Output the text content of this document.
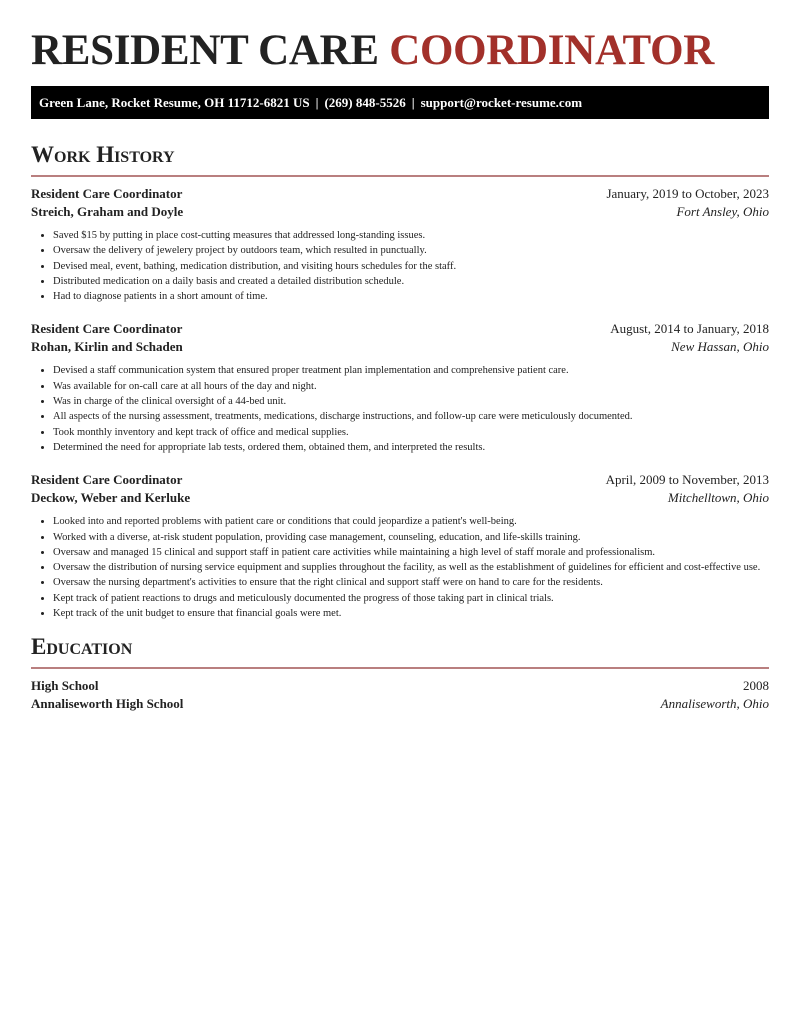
RESIDENT CARE COORDINATOR
Green Lane, Rocket Resume, OH 11712-6821 US | (269) 848-5526 | support@rocket-resume.com
Work History
Resident Care Coordinator	January, 2019 to October, 2023
Streich, Graham and Doyle	Fort Ansley, Ohio
• Saved $15 by putting in place cost-cutting measures that addressed long-standing issues.
• Oversaw the delivery of jewelery project by outdoors team, which resulted in punctually.
• Devised meal, event, bathing, medication distribution, and visiting hours schedules for the staff.
• Distributed medication on a daily basis and created a detailed distribution schedule.
• Had to diagnose patients in a short amount of time.
Resident Care Coordinator	August, 2014 to January, 2018
Rohan, Kirlin and Schaden	New Hassan, Ohio
• Devised a staff communication system that ensured proper treatment plan implementation and comprehensive patient care.
• Was available for on-call care at all hours of the day and night.
• Was in charge of the clinical oversight of a 44-bed unit.
• All aspects of the nursing assessment, treatments, medications, discharge instructions, and follow-up care were meticulously documented.
• Took monthly inventory and kept track of office and medical supplies.
• Determined the need for appropriate lab tests, ordered them, obtained them, and interpreted the results.
Resident Care Coordinator	April, 2009 to November, 2013
Deckow, Weber and Kerluke	Mitchelltown, Ohio
• Looked into and reported problems with patient care or conditions that could jeopardize a patient's well-being.
• Worked with a diverse, at-risk student population, providing case management, counseling, education, and life-skills training.
• Oversaw and managed 15 clinical and support staff in patient care activities while maintaining a high level of staff morale and professionalism.
• Oversaw the distribution of nursing service equipment and supplies throughout the facility, as well as the establishment of guidelines for efficient and cost-effective use.
• Oversaw the nursing department's activities to ensure that the right clinical and support staff were on hand to care for the residents.
• Kept track of patient reactions to drugs and meticulously documented the progress of those taking part in clinical trials.
• Kept track of the unit budget to ensure that financial goals were met.
Education
High School	2008
Annaliseworth High School	Annaliseworth, Ohio
